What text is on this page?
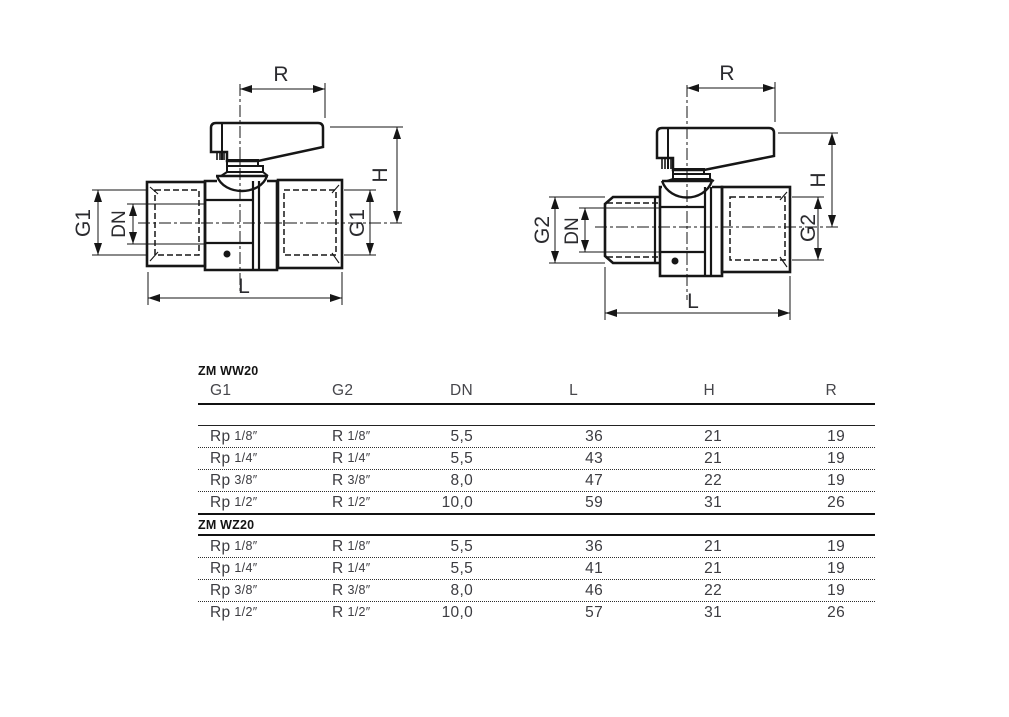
R
H
G1 DN	G1
L
R
H
G2 DN	G2
L
ZM WW20
G1	G2	DN	L	H	R
Rp 1/8″	R 1/8″	5,5	36	21	19
Rp 1/4″	R 1/4″	5,5	43	21	19
Rp 3/8″	R 3/8″	8,0	47	22	19
Rp 1/2″	R 1/2″	10,0	59	31	26
ZM WZ20
Rp 1/8″	R 1/8″	5,5	36	21	19
Rp 1/4″	R 1/4″	5,5	41	21	19
Rp 3/8″	R 3/8″	8,0	46	22	19
Rp 1/2″	R 1/2″	10,0	57	31	26
